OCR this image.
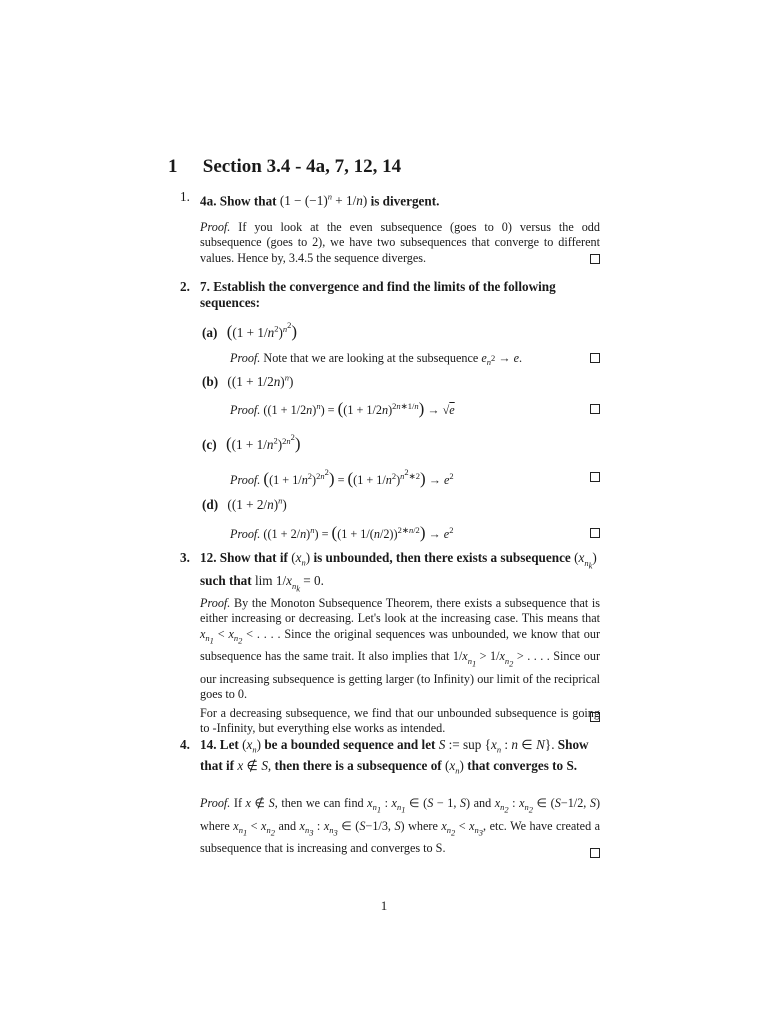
1 Section 3.4 - 4a, 7, 12, 14
1. 4a. Show that $(1 - (-1)^n + 1/n)$ is divergent.
Proof. If you look at the even subsequence (goes to 0) versus the odd subsequence (goes to 2), we have two subsequences that converge to different values. Hence by, 3.4.5 the sequence diverges.
2. 7. Establish the convergence and find the limits of the following sequences:
(a) $((1 + 1/n^2)^{n^2})$
Proof. Note that we are looking at the subsequence $e_{n^2} \to e$.
(b) $((1 + 1/2n)^n)$
Proof. $((1 + 1/2n)^n) = ((1 + 1/2n)^{2n∗1/n}) \to √e$
(c) $((1 + 1/n^2)^{2n^2})$
Proof. $((1 + 1/n^2)^{2n^2}) = ((1 + 1/n^2)^{n^2∗2}) \to e^2$
(d) $((1 + 2/n)^n)$
Proof. $((1 + 2/n)^n) = ((1 + 1/(n/2))^{2∗n/2}) \to e^2$
3. 12. Show that if $(x_n)$ is unbounded, then there exists a subsequence $(x_{n_k})$ such that $\lim 1/x_{n_k} = 0$.
Proof. By the Monoton Subsequence Theorem, there exists a subsequence that is either increasing or decreasing. Let's look at the increasing case. This means that $x_{n_1} < x_{n_2}$ < . . . . Since the original sequences was unbounded, we know that our subsequence has the same trait. It also implies that $1/x_{n_1} > 1/x_{n_2}$ > . . . . Since our our increasing subsequence is getting larger (to Infinity) our limit of the reciprical goes to 0.
For a decreasing subsequence, we find that our unbounded subsequence is going to -Infinity, but everything else works as intended.
4. 14. Let $(x_n)$ be a bounded sequence and let S := sup {$x_n$ : n ∈ N}. Show that if x ∉ S, then there is a subsequence of $(x_n)$ that converges to S.
Proof. If x ∉ S, then we can find $x_{n_1}$ : $x_{n_1}$ ∈ (S − 1, S) and $x_{n_2}$ : $x_{n_2}$ ∈ (S−1/2, S) where $x_{n_1} < x_{n_2}$ and $x_{n_3}$ : $x_{n_3}$ ∈ (S−1/3, S) where $x_{n_2} < x_{n_3}$, etc. We have created a subsequence that is increasing and converges to S.
1
